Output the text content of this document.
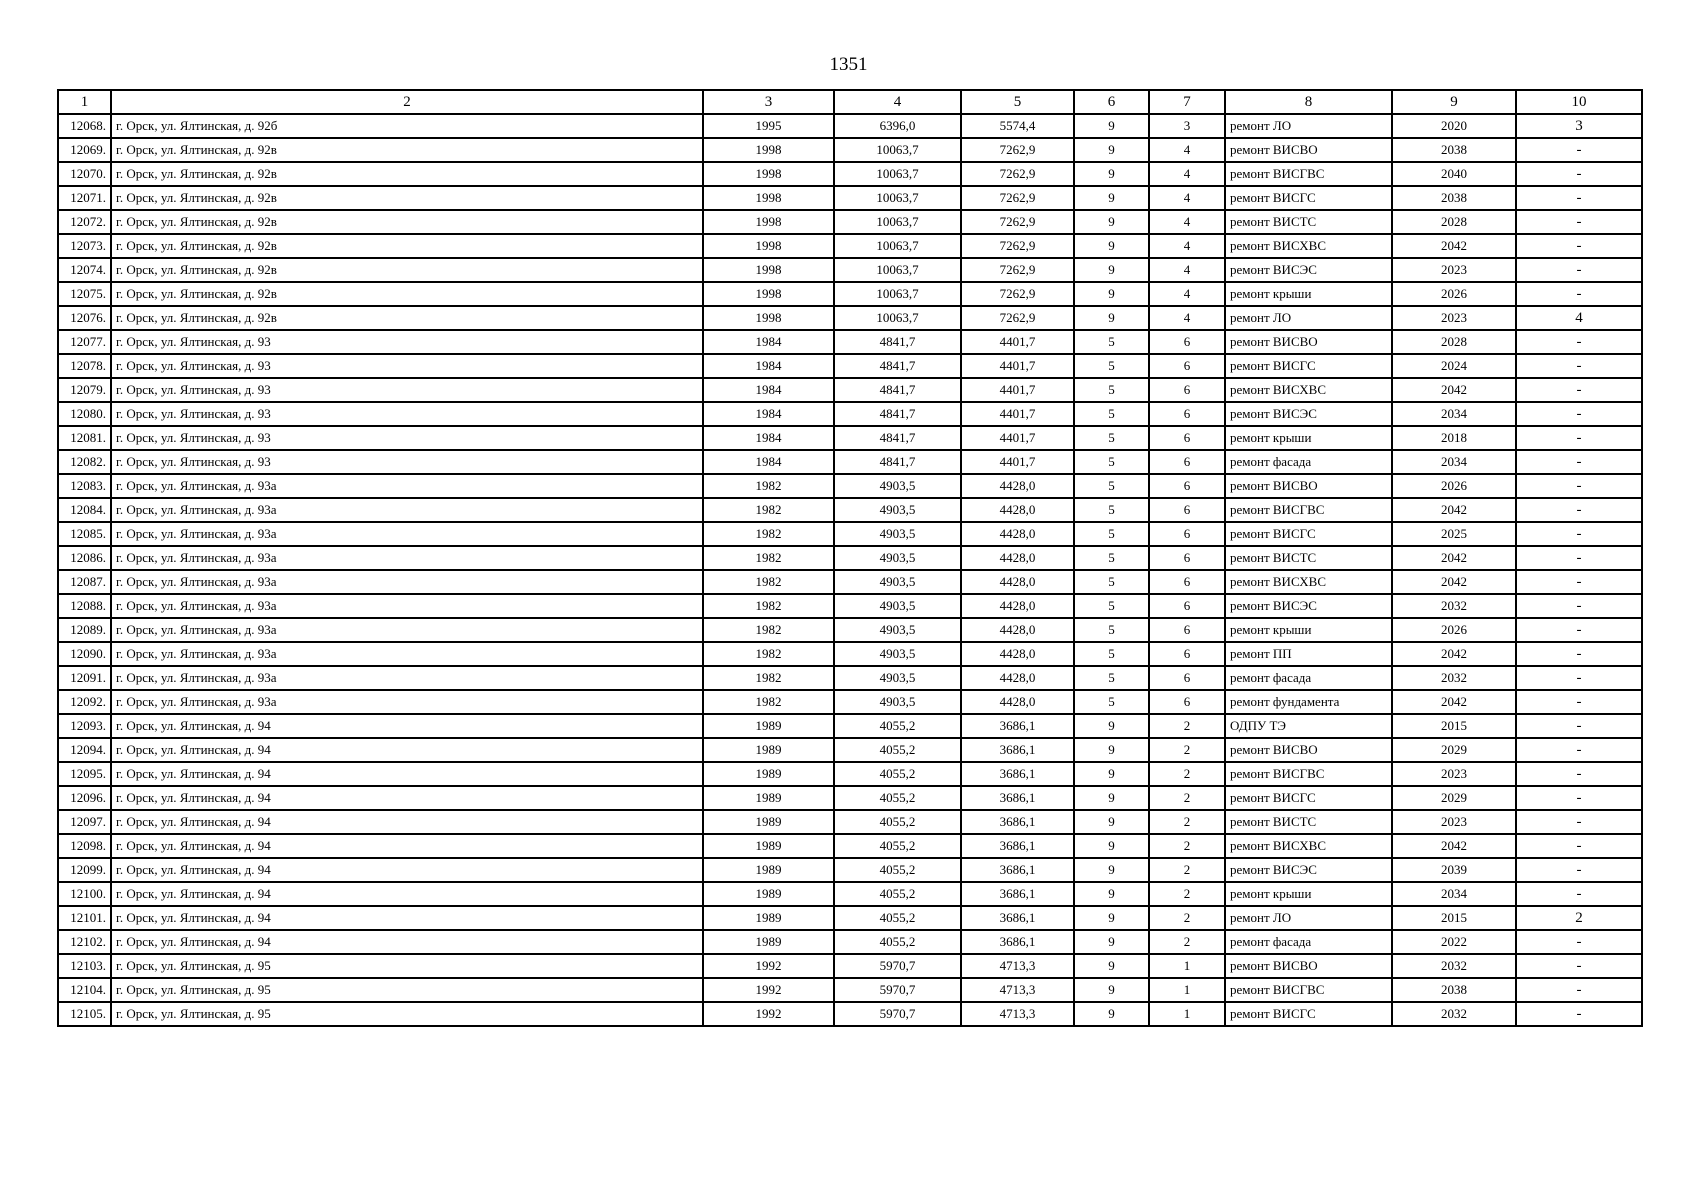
1351
1	2	3	4	5	6	7	8	9	10
12068.	г. Орск, ул. Ялтинская, д. 92б	1995	6396,0	5574,4	9	3	ремонт ЛО	2020	3
12069.	г. Орск, ул. Ялтинская, д. 92в	1998	10063,7	7262,9	9	4	ремонт ВИСВО	2038	-
12070.	г. Орск, ул. Ялтинская, д. 92в	1998	10063,7	7262,9	9	4	ремонт ВИСГВС	2040	-
12071.	г. Орск, ул. Ялтинская, д. 92в	1998	10063,7	7262,9	9	4	ремонт ВИСГС	2038	-
12072.	г. Орск, ул. Ялтинская, д. 92в	1998	10063,7	7262,9	9	4	ремонт ВИСТС	2028	-
12073.	г. Орск, ул. Ялтинская, д. 92в	1998	10063,7	7262,9	9	4	ремонт ВИСХВС	2042	-
12074.	г. Орск, ул. Ялтинская, д. 92в	1998	10063,7	7262,9	9	4	ремонт ВИСЭС	2023	-
12075.	г. Орск, ул. Ялтинская, д. 92в	1998	10063,7	7262,9	9	4	ремонт крыши	2026	-
12076.	г. Орск, ул. Ялтинская, д. 92в	1998	10063,7	7262,9	9	4	ремонт ЛО	2023	4
12077.	г. Орск, ул. Ялтинская, д. 93	1984	4841,7	4401,7	5	6	ремонт ВИСВО	2028	-
12078.	г. Орск, ул. Ялтинская, д. 93	1984	4841,7	4401,7	5	6	ремонт ВИСГС	2024	-
12079.	г. Орск, ул. Ялтинская, д. 93	1984	4841,7	4401,7	5	6	ремонт ВИСХВС	2042	-
12080.	г. Орск, ул. Ялтинская, д. 93	1984	4841,7	4401,7	5	6	ремонт ВИСЭС	2034	-
12081.	г. Орск, ул. Ялтинская, д. 93	1984	4841,7	4401,7	5	6	ремонт крыши	2018	-
12082.	г. Орск, ул. Ялтинская, д. 93	1984	4841,7	4401,7	5	6	ремонт фасада	2034	-
12083.	г. Орск, ул. Ялтинская, д. 93а	1982	4903,5	4428,0	5	6	ремонт ВИСВО	2026	-
12084.	г. Орск, ул. Ялтинская, д. 93а	1982	4903,5	4428,0	5	6	ремонт ВИСГВС	2042	-
12085.	г. Орск, ул. Ялтинская, д. 93а	1982	4903,5	4428,0	5	6	ремонт ВИСГС	2025	-
12086.	г. Орск, ул. Ялтинская, д. 93а	1982	4903,5	4428,0	5	6	ремонт ВИСТС	2042	-
12087.	г. Орск, ул. Ялтинская, д. 93а	1982	4903,5	4428,0	5	6	ремонт ВИСХВС	2042	-
12088.	г. Орск, ул. Ялтинская, д. 93а	1982	4903,5	4428,0	5	6	ремонт ВИСЭС	2032	-
12089.	г. Орск, ул. Ялтинская, д. 93а	1982	4903,5	4428,0	5	6	ремонт крыши	2026	-
12090.	г. Орск, ул. Ялтинская, д. 93а	1982	4903,5	4428,0	5	6	ремонт ПП	2042	-
12091.	г. Орск, ул. Ялтинская, д. 93а	1982	4903,5	4428,0	5	6	ремонт фасада	2032	-
12092.	г. Орск, ул. Ялтинская, д. 93а	1982	4903,5	4428,0	5	6	ремонт фундамента	2042	-
12093.	г. Орск, ул. Ялтинская, д. 94	1989	4055,2	3686,1	9	2	ОДПУ ТЭ	2015	-
12094.	г. Орск, ул. Ялтинская, д. 94	1989	4055,2	3686,1	9	2	ремонт ВИСВО	2029	-
12095.	г. Орск, ул. Ялтинская, д. 94	1989	4055,2	3686,1	9	2	ремонт ВИСГВС	2023	-
12096.	г. Орск, ул. Ялтинская, д. 94	1989	4055,2	3686,1	9	2	ремонт ВИСГС	2029	-
12097.	г. Орск, ул. Ялтинская, д. 94	1989	4055,2	3686,1	9	2	ремонт ВИСТС	2023	-
12098.	г. Орск, ул. Ялтинская, д. 94	1989	4055,2	3686,1	9	2	ремонт ВИСХВС	2042	-
12099.	г. Орск, ул. Ялтинская, д. 94	1989	4055,2	3686,1	9	2	ремонт ВИСЭС	2039	-
12100.	г. Орск, ул. Ялтинская, д. 94	1989	4055,2	3686,1	9	2	ремонт крыши	2034	-
12101.	г. Орск, ул. Ялтинская, д. 94	1989	4055,2	3686,1	9	2	ремонт ЛО	2015	2
12102.	г. Орск, ул. Ялтинская, д. 94	1989	4055,2	3686,1	9	2	ремонт фасада	2022	-
12103.	г. Орск, ул. Ялтинская, д. 95	1992	5970,7	4713,3	9	1	ремонт ВИСВО	2032	-
12104.	г. Орск, ул. Ялтинская, д. 95	1992	5970,7	4713,3	9	1	ремонт ВИСГВС	2038	-
12105.	г. Орск, ул. Ялтинская, д. 95	1992	5970,7	4713,3	9	1	ремонт ВИСГС	2032	-
